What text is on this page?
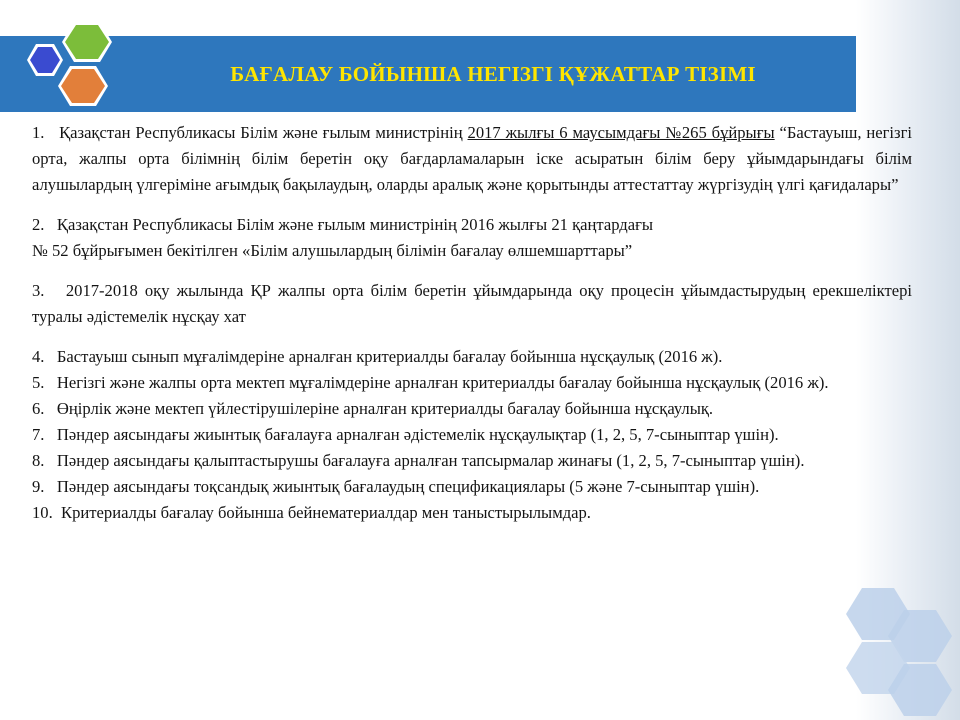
БАҒАЛАУ БОЙЫНША НЕГІЗГІ ҚҰЖАТТАР ТІЗІМІ

1. Қазақстан Республикасы Білім және ғылым министрінің 2017 жылғы 6 маусымдағы №265 бұйрығы “Бастауыш, негізгі орта, жалпы орта білімнің білім беретін оқу бағдарламаларын іске асыратын білім беру ұйымдарындағы білім алушылардың үлгеріміне ағымдық бақылаудың, оларды аралық және қорытынды аттестаттау жүргізудің үлгі қағидалары”

2. Қазақстан Республикасы Білім және ғылым министрінің 2016 жылғы 21 қаңтардағы
№ 52 бұйрығымен бекітілген «Білім алушылардың білімін бағалау өлшемшарттары”

3. 2017-2018 оқу жылында ҚР жалпы орта білім беретін ұйымдарында оқу процесін ұйымдастырудың ерекшеліктері туралы әдістемелік нұсқау хат

4. Бастауыш сынып мұғалімдеріне арналған критериалды бағалау бойынша нұсқаулық (2016 ж).

5. Негізгі және жалпы орта мектеп мұғалімдеріне арналған критериалды бағалау бойынша нұсқаулық (2016 ж).

6. Өңірлік және мектеп үйлестірушілеріне арналған критериалды бағалау бойынша нұсқаулық.

7. Пәндер аясындағы жиынтық бағалауға арналған әдістемелік нұсқаулықтар (1, 2, 5, 7-сыныптар үшін).

8. Пәндер аясындағы қалыптастырушы бағалауға арналған тапсырмалар жинағы (1, 2, 5, 7-сыныптар үшін).

9. Пәндер аясындағы тоқсандық жиынтық бағалаудың спецификациялары (5 және 7-сыныптар үшін).

10. Критериалды бағалау бойынша бейнематериалдар мен таныстырылымдар.
